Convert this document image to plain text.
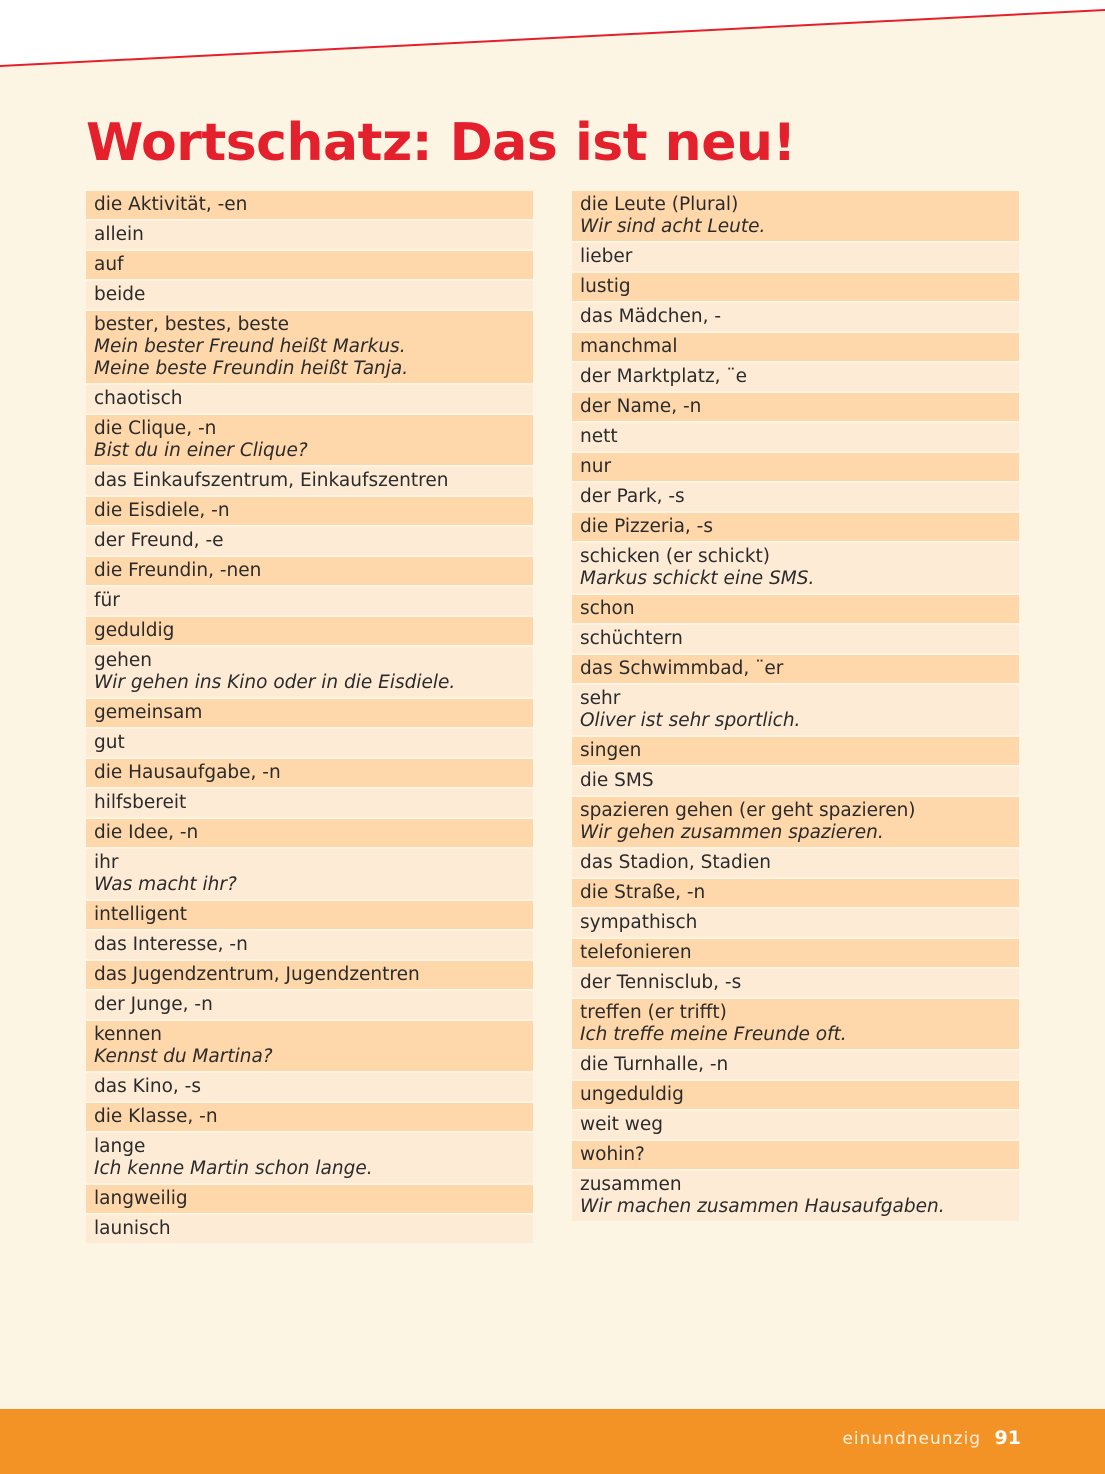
Wortschatz: Das ist neu!
die Aktivität, -en
allein
auf
beide
bester, bestes, beste
Mein bester Freund heißt Markus.
Meine beste Freundin heißt Tanja.
chaotisch
die Clique, -n
Bist du in einer Clique?
das Einkaufszentrum, Einkaufszentren
die Eisdiele, -n
der Freund, -e
die Freundin, -nen
für
geduldig
gehen
Wir gehen ins Kino oder in die Eisdiele.
gemeinsam
gut
die Hausaufgabe, -n
hilfsbereit
die Idee, -n
ihr
Was macht ihr?
intelligent
das Interesse, -n
das Jugendzentrum, Jugendzentren
der Junge, -n
kennen
Kennst du Martina?
das Kino, -s
die Klasse, -n
lange
Ich kenne Martin schon lange.
langweilig
launisch
die Leute (Plural)
Wir sind acht Leute.
lieber
lustig
das Mädchen, -
manchmal
der Marktplatz, ¨e
der Name, -n
nett
nur
der Park, -s
die Pizzeria, -s
schicken (er schickt)
Markus schickt eine SMS.
schon
schüchtern
das Schwimmbad, ¨er
sehr
Oliver ist sehr sportlich.
singen
die SMS
spazieren gehen (er geht spazieren)
Wir gehen zusammen spazieren.
das Stadion, Stadien
die Straße, -n
sympathisch
telefonieren
der Tennisclub, -s
treffen (er trifft)
Ich treffe meine Freunde oft.
die Turnhalle, -n
ungeduldig
weit weg
wohin?
zusammen
Wir machen zusammen Hausaufgaben.
einundneunzig 91
